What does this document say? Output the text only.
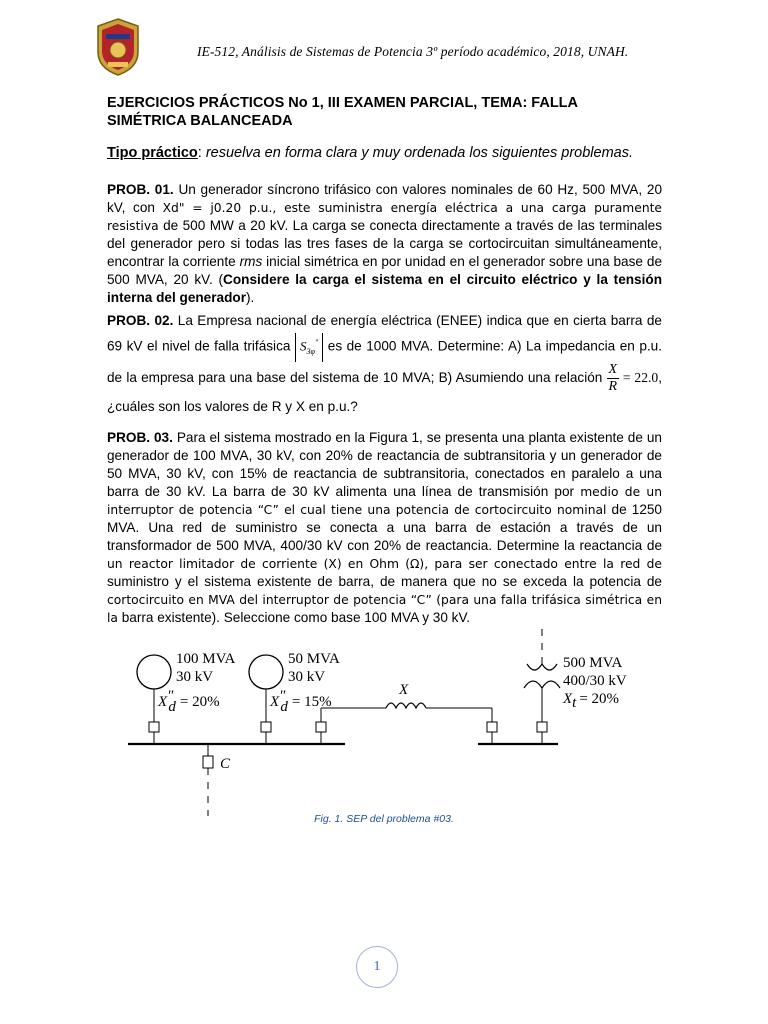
IE-512, Análisis de Sistemas de Potencia 3º período académico, 2018, UNAH.
EJERCICIOS PRÁCTICOS No 1, III EXAMEN PARCIAL, TEMA: FALLA
SIMÉTRICA BALANCEADA
Tipo práctico: resuelva en forma clara y muy ordenada los siguientes problemas.
PROB. 01. Un generador síncrono trifásico con valores nominales de 60 Hz, 500 MVA, 20 kV, con Xd" = j0.20 p.u., este suministra energía eléctrica a una carga puramente resistiva de 500 MW a 20 kV. La carga se conecta directamente a través de las terminales del generador pero si todas las tres fases de la carga se cortocircuitan simultáneamente, encontrar la corriente rms inicial simétrica en por unidad en el generador sobre una base de 500 MVA, 20 kV. (Considere la carga el sistema en el circuito eléctrico y la tensión interna del generador).
PROB. 02. La Empresa nacional de energía eléctrica (ENEE) indica que en cierta barra de 69 kV el nivel de falla trifásica $S_{3\varphi}^"$ es de 1000 MVA. Determine: A) La impedancia en p.u. de la empresa para una base del sistema de 10 MVA; B) Asumiendo una relación $\frac{X}{R} = 22.0$, ¿cuáles son los valores de R y X en p.u.?
PROB. 03. Para el sistema mostrado en la Figura 1, se presenta una planta existente de un generador de 100 MVA, 30 kV, con 20% de reactancia de subtransitoria y un generador de 50 MVA, 30 kV, con 15% de reactancia de subtransitoria, conectados en paralelo a una barra de 30 kV. La barra de 30 kV alimenta una línea de transmisión por medio de un interruptor de potencia “C” el cual tiene una potencia de cortocircuito nominal de 1250 MVA. Una red de suministro se conecta a una barra de estación a través de un transformador de 500 MVA, 400/30 kV con 20% de reactancia. Determine la reactancia de un reactor limitador de corriente (X) en Ohm (Ω), para ser conectado entre la red de suministro y el sistema existente de barra, de manera que no se exceda la potencia de cortocircuito en MVA del interruptor de potencia “C” (para una falla trifásica simétrica en la barra existente). Seleccione como base 100 MVA y 30 kV.
100 MVA
30 kV
X″ d = 20%
50 MVA
30 kV
X″ d = 15%
X
500 MVA
400/30 kV
Xt = 20%
C
Fig. 1. SEP del problema #03.
1
